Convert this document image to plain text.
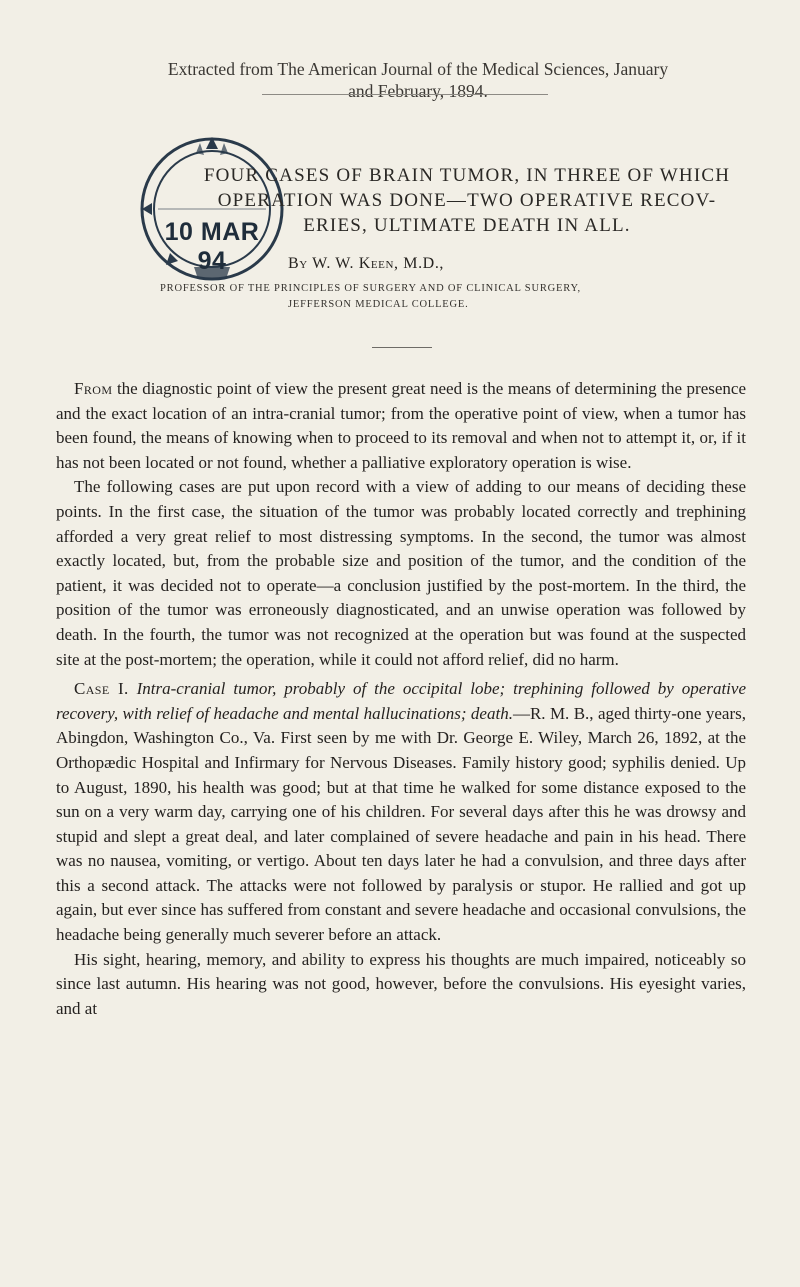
Extracted from The American Journal of the Medical Sciences, January
and February, 1894.
10 MAR 94
FOUR CASES OF BRAIN TUMOR, IN THREE OF WHICH
OPERATION WAS DONE—TWO OPERATIVE RECOV-
ERIES, ULTIMATE DEATH IN ALL.
By W. W. Keen, M.D.,
PROFESSOR OF THE PRINCIPLES OF SURGERY AND OF CLINICAL SURGERY,
JEFFERSON MEDICAL COLLEGE.

From the diagnostic point of view the present great need is the means of determining the presence and the exact location of an intra-cranial tumor; from the operative point of view, when a tumor has been found, the means of knowing when to proceed to its removal and when not to attempt it, or, if it has not been located or not found, whether a palliative exploratory operation is wise.

The following cases are put upon record with a view of adding to our means of deciding these points. In the first case, the situation of the tumor was probably located correctly and trephining afforded a very great relief to most distressing symptoms. In the second, the tumor was almost exactly located, but, from the probable size and position of the tumor, and the condition of the patient, it was decided not to operate—a conclusion justified by the post-mortem. In the third, the position of the tumor was erroneously diagnosticated, and an unwise operation was followed by death. In the fourth, the tumor was not recognized at the operation but was found at the suspected site at the post-mortem; the operation, while it could not afford relief, did no harm.

Case I. Intra-cranial tumor, probably of the occipital lobe; trephining followed by operative recovery, with relief of headache and mental hallucinations; death.—R. M. B., aged thirty-one years, Abingdon, Washington Co., Va. First seen by me with Dr. George E. Wiley, March 26, 1892, at the Orthopædic Hospital and Infirmary for Nervous Diseases. Family history good; syphilis denied. Up to August, 1890, his health was good; but at that time he walked for some distance exposed to the sun on a very warm day, carrying one of his children. For several days after this he was drowsy and stupid and slept a great deal, and later complained of severe headache and pain in his head. There was no nausea, vomiting, or vertigo. About ten days later he had a convulsion, and three days after this a second attack. The attacks were not followed by paralysis or stupor. He rallied and got up again, but ever since has suffered from constant and severe headache and occasional convulsions, the headache being generally much severer before an attack.

His sight, hearing, memory, and ability to express his thoughts are much impaired, noticeably so since last autumn. His hearing was not good, however, before the convulsions. His eyesight varies, and at
